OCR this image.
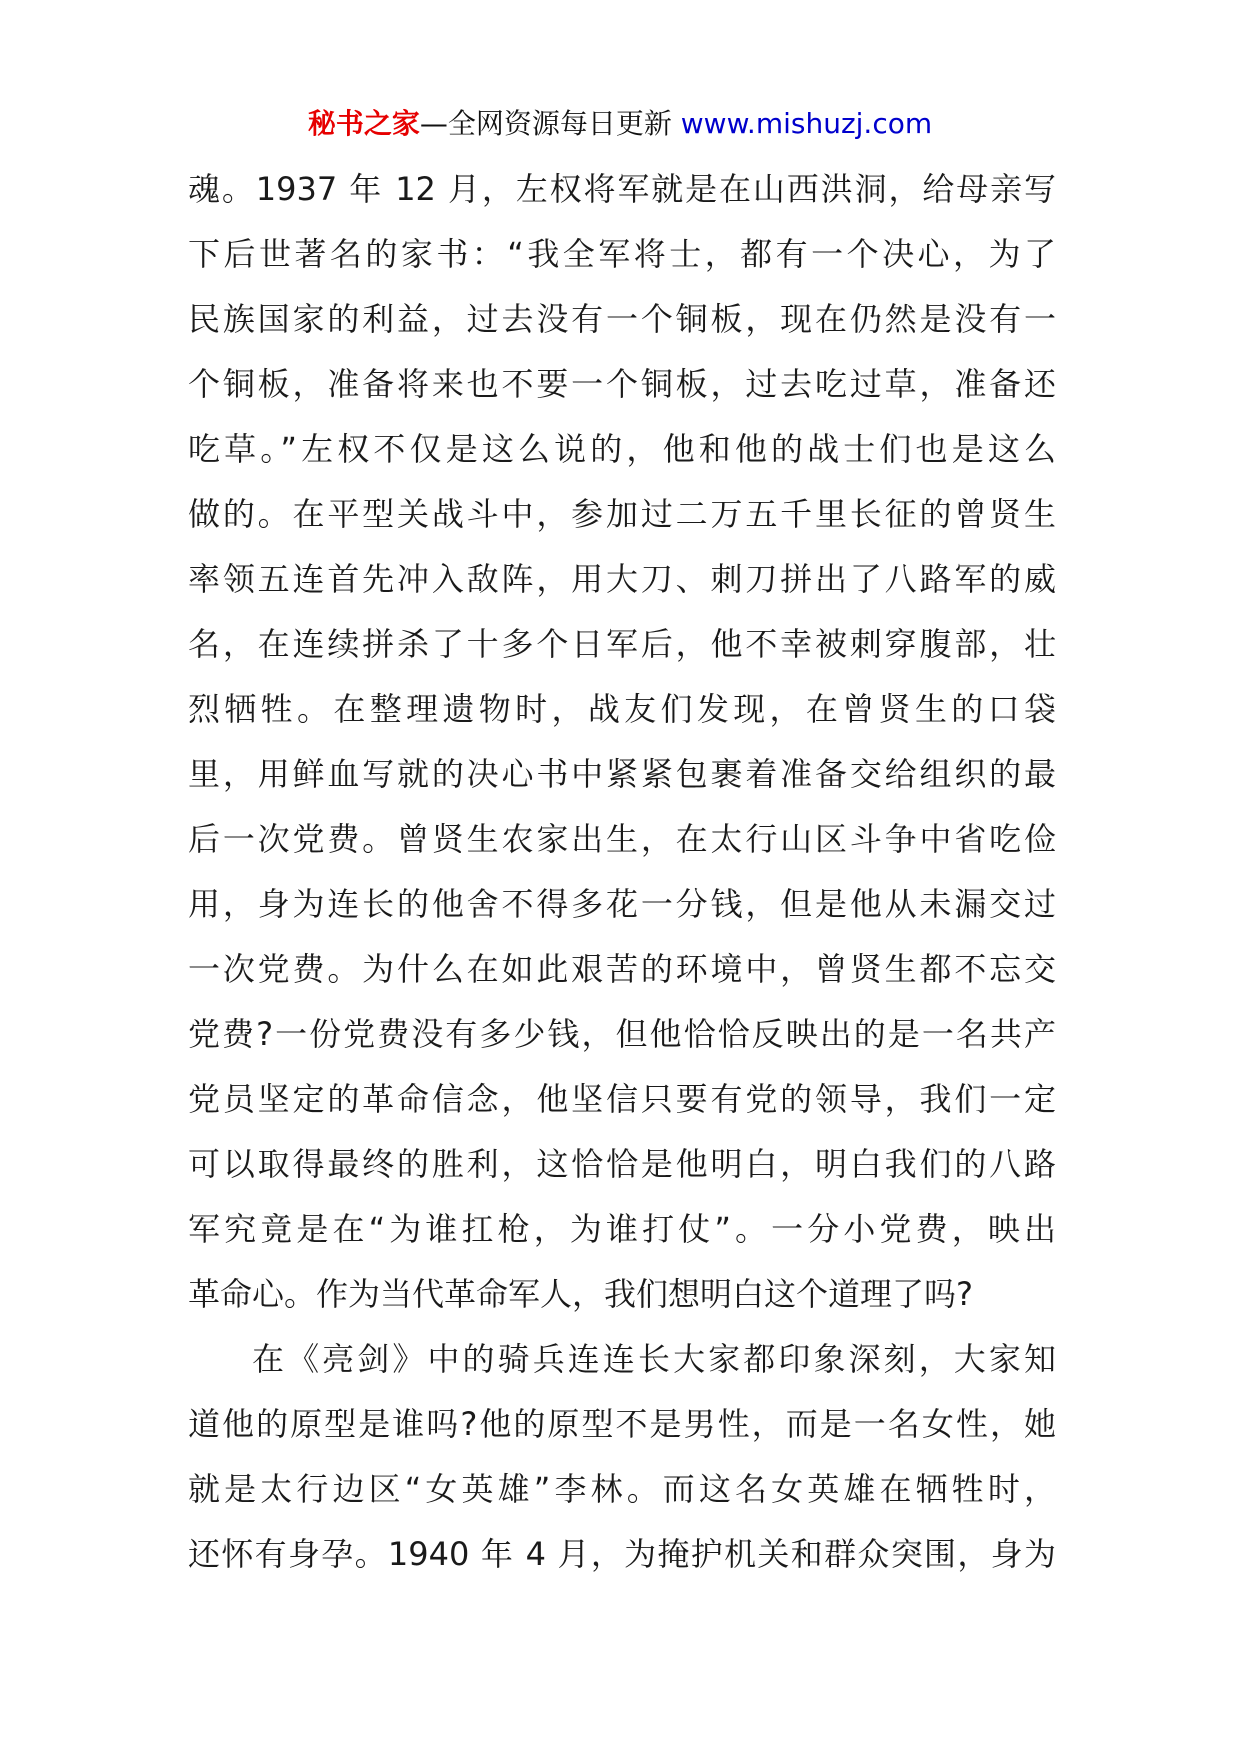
秘书之家—全网资源每日更新 www.mishuzj.com
魂。1937 年 12 月，左权将军就是在山西洪洞，给母亲写
下后世著名的家书：“我全军将士，都有一个决心，为了
民族国家的利益，过去没有一个铜板，现在仍然是没有一
个铜板，准备将来也不要一个铜板，过去吃过草，准备还
吃草。”左权不仅是这么说的，他和他的战士们也是这么
做的。在平型关战斗中，参加过二万五千里长征的曾贤生
率领五连首先冲入敌阵，用大刀、刺刀拼出了八路军的威
名，在连续拼杀了十多个日军后，他不幸被刺穿腹部，壮
烈牺牲。在整理遗物时，战友们发现，在曾贤生的口袋
里，用鲜血写就的决心书中紧紧包裹着准备交给组织的最
后一次党费。曾贤生农家出生，在太行山区斗争中省吃俭
用，身为连长的他舍不得多花一分钱，但是他从未漏交过
一次党费。为什么在如此艰苦的环境中，曾贤生都不忘交
党费?一份党费没有多少钱，但他恰恰反映出的是一名共产
党员坚定的革命信念，他坚信只要有党的领导，我们一定
可以取得最终的胜利，这恰恰是他明白，明白我们的八路
军究竟是在“为谁扛枪，为谁打仗”。一分小党费，映出
革命心。作为当代革命军人，我们想明白这个道理了吗?
在《亮剑》中的骑兵连连长大家都印象深刻，大家知
道他的原型是谁吗?他的原型不是男性，而是一名女性，她
就是太行边区“女英雄”李林。而这名女英雄在牺牲时，
还怀有身孕。1940 年 4 月，为掩护机关和群众突围，身为
